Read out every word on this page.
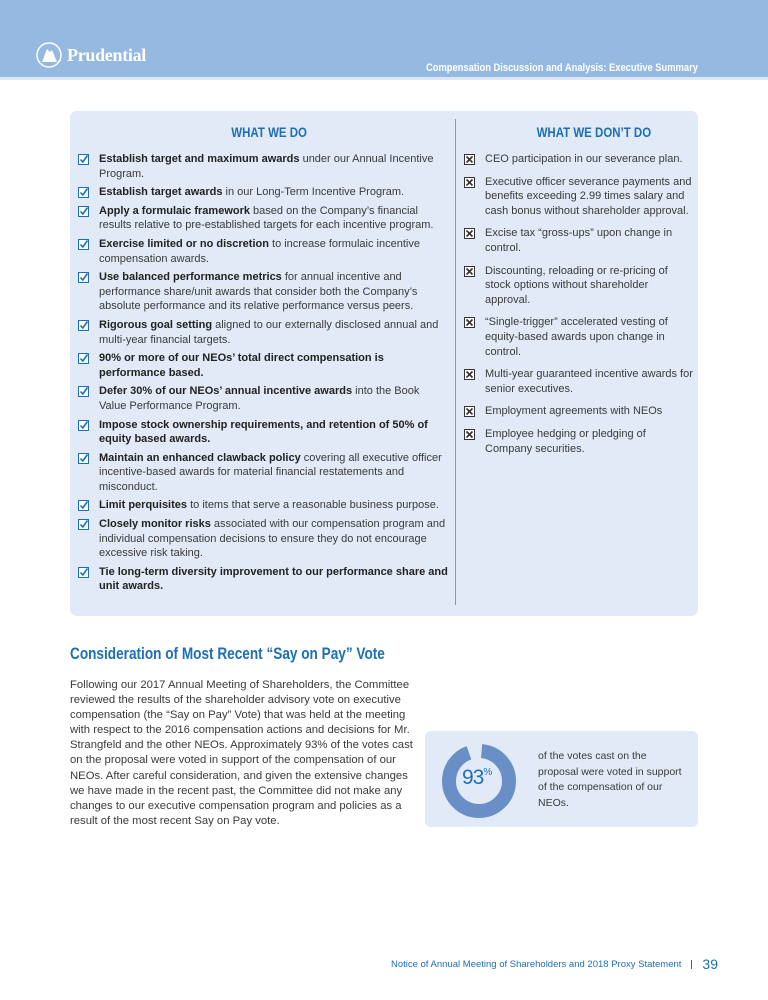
Prudential
Compensation Discussion and Analysis: Executive Summary
WHAT WE DO	WHAT WE DON’T DO
Establish target and maximum awards under our Annual Incentive Program.
Establish target awards in our Long-Term Incentive Program.
Apply a formulaic framework based on the Company’s financial results relative to pre-established targets for each incentive program.
Exercise limited or no discretion to increase formulaic incentive compensation awards.
Use balanced performance metrics for annual incentive and performance share/unit awards that consider both the Company’s absolute performance and its relative performance versus peers.
Rigorous goal setting aligned to our externally disclosed annual and multi-year financial targets.
90% or more of our NEOs’ total direct compensation is performance based.
Defer 30% of our NEOs’ annual incentive awards into the Book Value Performance Program.
Impose stock ownership requirements, and retention of 50% of equity based awards.
Maintain an enhanced clawback policy covering all executive officer incentive-based awards for material financial restatements and misconduct.
Limit perquisites to items that serve a reasonable business purpose.
Closely monitor risks associated with our compensation program and individual compensation decisions to ensure they do not encourage excessive risk taking.
Tie long-term diversity improvement to our performance share and unit awards.
CEO participation in our severance plan.
Executive officer severance payments and benefits exceeding 2.99 times salary and cash bonus without shareholder approval.
Excise tax “gross-ups” upon change in control.
Discounting, reloading or re-pricing of stock options without shareholder approval.
“Single-trigger” accelerated vesting of equity-based awards upon change in control.
Multi-year guaranteed incentive awards for senior executives.
Employment agreements with NEOs
Employee hedging or pledging of Company securities.
Consideration of Most Recent “Say on Pay” Vote

Following our 2017 Annual Meeting of Shareholders, the Committee reviewed the results of the shareholder advisory vote on executive compensation (the “Say on Pay” Vote) that was held at the meeting with respect to the 2016 compensation actions and decisions for Mr. Strangfeld and the other NEOs. Approximately 93% of the votes cast on the proposal were voted in support of the compensation of our NEOs. After careful consideration, and given the extensive changes we have made in the recent past, the Committee did not make any changes to our executive compensation program and policies as a result of the most recent Say on Pay vote.

93%
of the votes cast on the proposal were voted in support of the compensation of our NEOs.
Notice of Annual Meeting of Shareholders and 2018 Proxy Statement 39
